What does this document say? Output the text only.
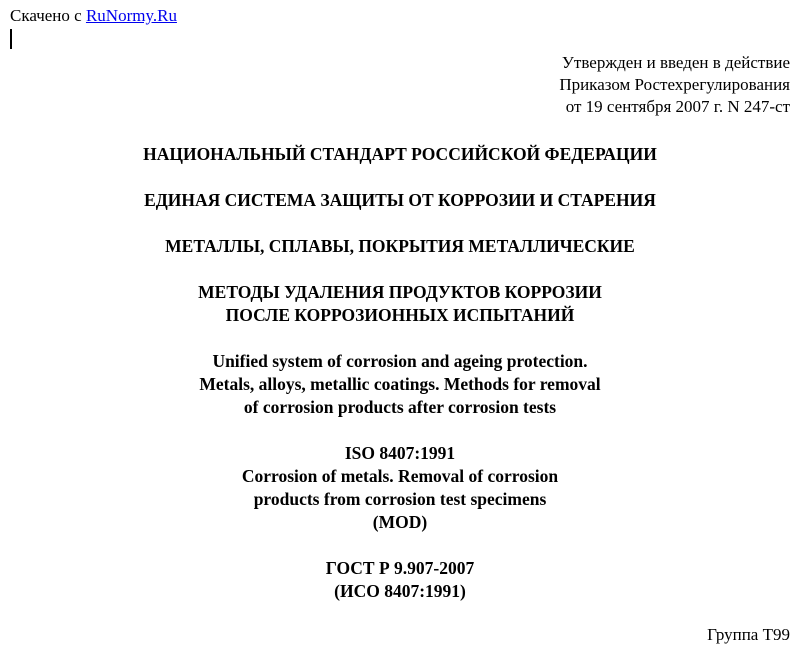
Скачено с RuNormy.Ru
Утвержден и введен в действие
Приказом Ростехрегулирования
от 19 сентября 2007 г. N 247-ст
НАЦИОНАЛЬНЫЙ СТАНДАРТ РОССИЙСКОЙ ФЕДЕРАЦИИ
ЕДИНАЯ СИСТЕМА ЗАЩИТЫ ОТ КОРРОЗИИ И СТАРЕНИЯ
МЕТАЛЛЫ, СПЛАВЫ, ПОКРЫТИЯ МЕТАЛЛИЧЕСКИЕ
МЕТОДЫ УДАЛЕНИЯ ПРОДУКТОВ КОРРОЗИИ
ПОСЛЕ КОРРОЗИОННЫХ ИСПЫТАНИЙ
Unified system of corrosion and ageing protection.
Metals, alloys, metallic coatings. Methods for removal
of corrosion products after corrosion tests
ISO 8407:1991
Corrosion of metals. Removal of corrosion
products from corrosion test specimens
(MOD)
ГОСТ Р 9.907-2007
(ИСО 8407:1991)
Группа Т99
